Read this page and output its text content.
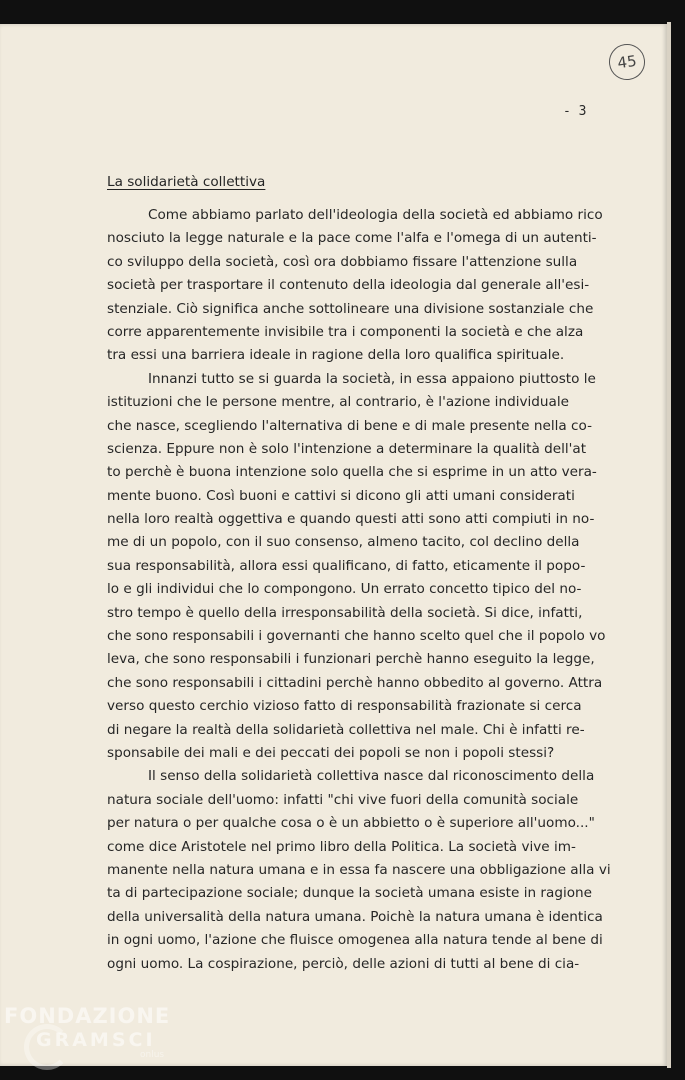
45
- 3
La solidarietà collettiva
Come abbiamo parlato dell'ideologia della società ed abbiamo rico
nosciuto la legge naturale e la pace come l'alfa e l'omega di un autenti-
co sviluppo della società, così ora dobbiamo fissare l'attenzione sulla
società per trasportare il contenuto della ideologia dal generale all'esi-
stenziale. Ciò significa anche sottolineare una divisione sostanziale che
corre apparentemente invisibile tra i componenti la società e che alza
tra essi una barriera ideale in ragione della loro qualifica spirituale.
Innanzi tutto se si guarda la società, in essa appaiono piuttosto le
istituzioni che le persone mentre, al contrario, è l'azione individuale
che nasce, scegliendo l'alternativa di bene e di male presente nella co-
scienza. Eppure non è solo l'intenzione a determinare la qualità dell'at
to perchè è buona intenzione solo quella che si esprime in un atto vera-
mente buono. Così buoni e cattivi si dicono gli atti umani considerati
nella loro realtà oggettiva e quando questi atti sono atti compiuti in no-
me di un popolo, con il suo consenso, almeno tacito, col declino della
sua responsabilità, allora essi qualificano, di fatto, eticamente il popo-
lo e gli individui che lo compongono. Un errato concetto tipico del no-
stro tempo è quello della irresponsabilità della società. Si dice, infatti,
che sono responsabili i governanti che hanno scelto quel che il popolo vo
leva, che sono responsabili i funzionari perchè hanno eseguito la legge,
che sono responsabili i cittadini perchè hanno obbedito al governo. Attra
verso questo cerchio vizioso fatto di responsabilità frazionate si cerca
di negare la realtà della solidarietà collettiva nel male. Chi è infatti re-
sponsabile dei mali e dei peccati dei popoli se non i popoli stessi?
Il senso della solidarietà collettiva nasce dal riconoscimento della
natura sociale dell'uomo: infatti "chi vive fuori della comunità sociale
per natura o per qualche cosa o è un abbietto o è superiore all'uomo..."
come dice Aristotele nel primo libro della Politica. La società vive im-
manente nella natura umana e in essa fa nascere una obbligazione alla vi
ta di partecipazione sociale; dunque la società umana esiste in ragione
della universalità della natura umana. Poichè la natura umana è identica
in ogni uomo, l'azione che fluisce omogenea alla natura tende al bene di
ogni uomo. La cospirazione, perciò, delle azioni di tutti al bene di cia-
FONDAZIONE
GRAMSCI
onlus
